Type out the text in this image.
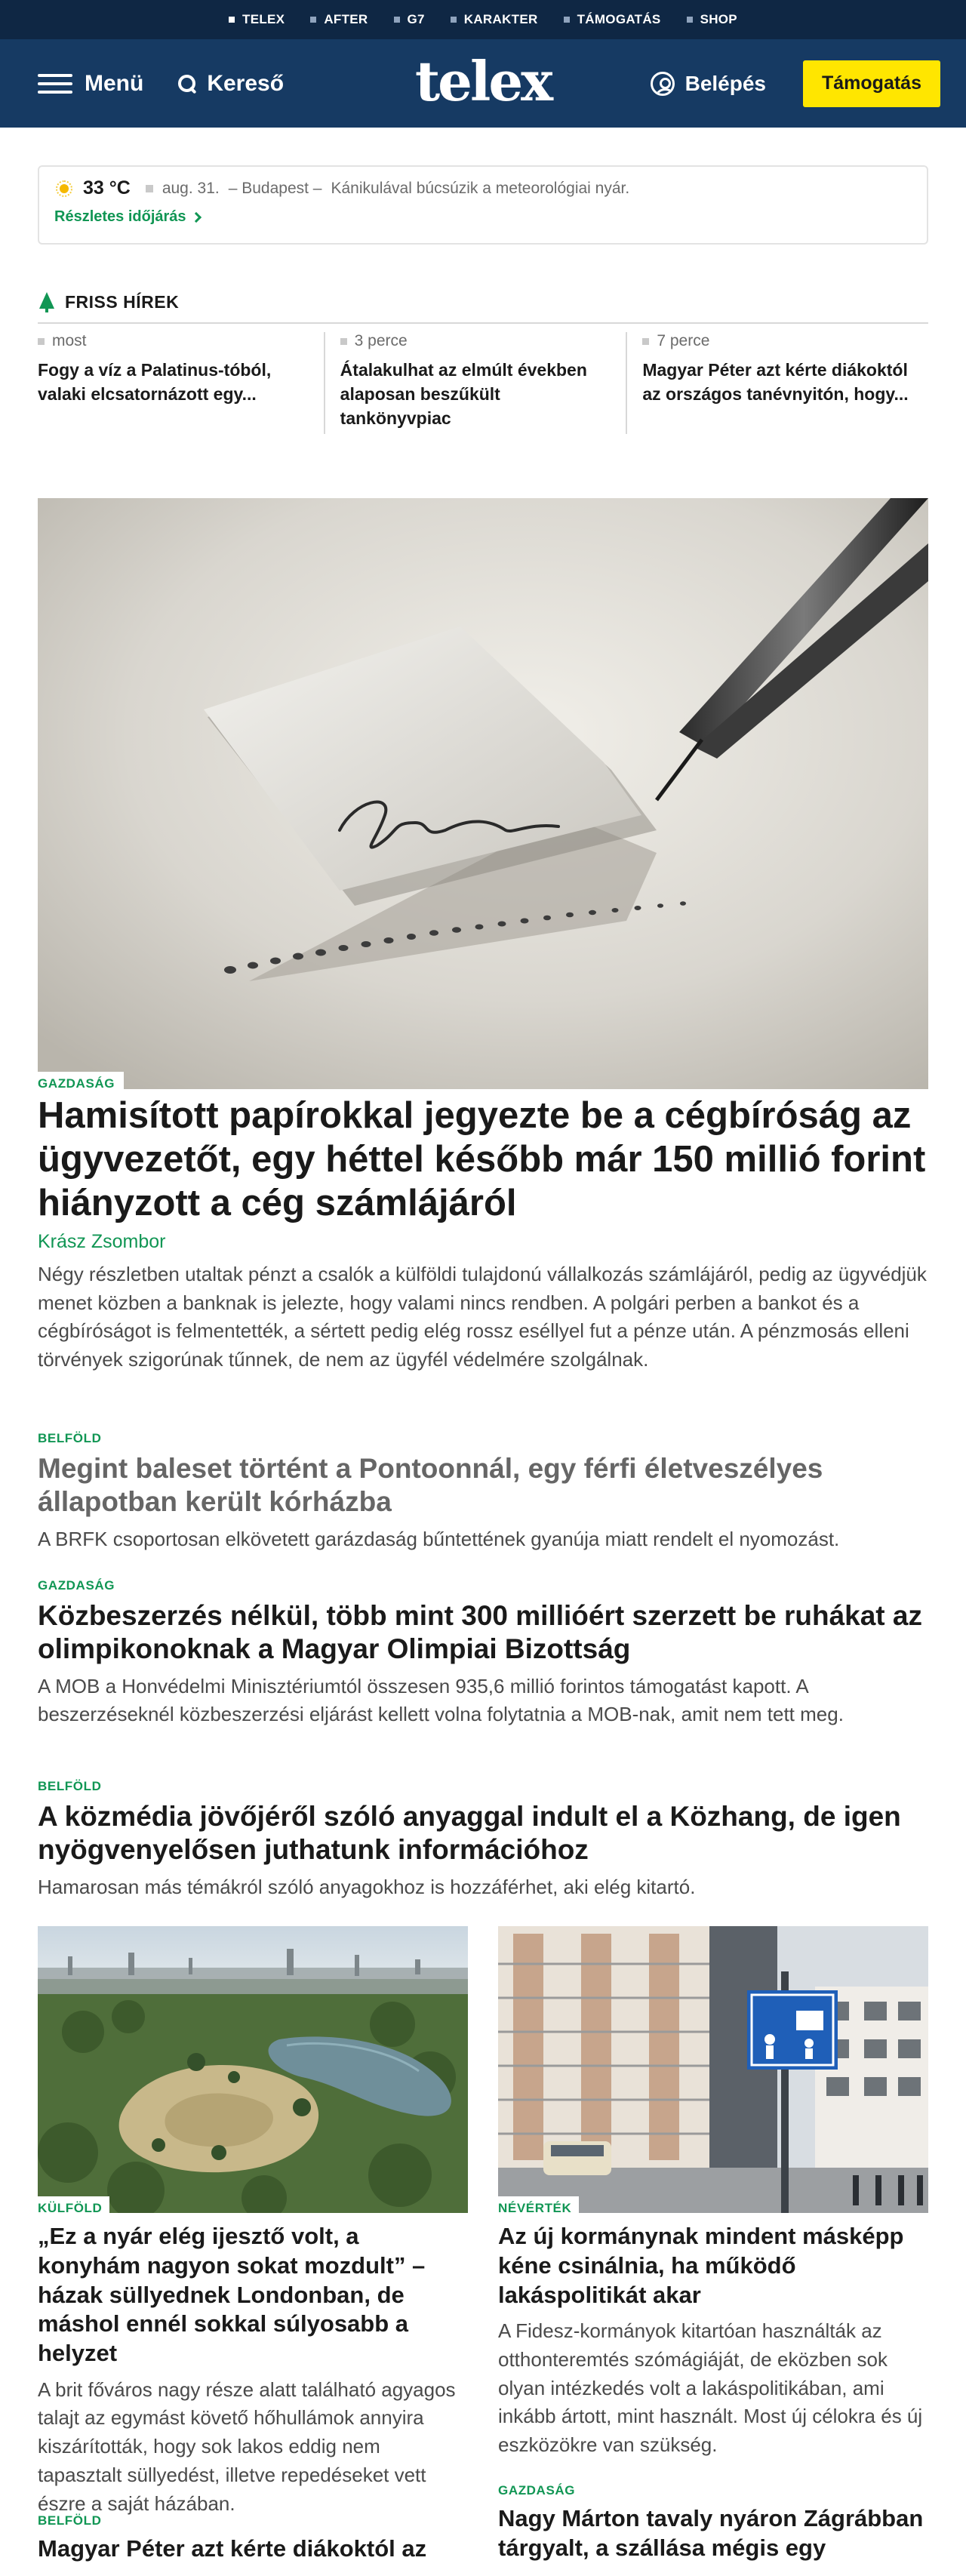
TELEX	AFTER	G7	KARAKTER	TÁMOGATÁS	SHOP
Menü	Kereső telex	Belépés	Támogatás
33 °C aug. 31. – Budapest – Kánikulával búcsúzik a meteorológiai nyár.
Részletes időjárás
FRISS HÍREK
most
Fogy a víz a Palatinus-tóból, valaki elcsatornázott egy...
3 perce
Átalakulhat az elmúlt években alaposan beszűkült tankönyvpiac
7 perce
Magyar Péter azt kérte diákoktól az országos tanévnyitón, hogy...
GAZDASÁG
Hamisított papírokkal jegyezte be a cégbíróság az ügyvezetőt, egy héttel később már 150 millió forint hiányzott a cég számlájáról
Krász Zsombor
Négy részletben utaltak pénzt a csalók a külföldi tulajdonú vállalkozás számlájáról, pedig az ügyvédjük menet közben a banknak is jelezte, hogy valami nincs rendben. A polgári perben a bankot és a cégbíróságot is felmentették, a sértett pedig elég rossz eséllyel fut a pénze után. A pénzmosás elleni törvények szigorúnak tűnnek, de nem az ügyfél védelmére szolgálnak.
BELFÖLD
Megint baleset történt a Pontoonnál, egy férfi életveszélyes állapotban került kórházba
A BRFK csoportosan elkövetett garázdaság bűntettének gyanúja miatt rendelt el nyomozást.
GAZDASÁG
Közbeszerzés nélkül, több mint 300 millióért szerzett be ruhákat az olimpikonoknak a Magyar Olimpiai Bizottság
A MOB a Honvédelmi Minisztériumtól összesen 935,6 millió forintos támogatást kapott. A beszerzéseknél közbeszerzési eljárást kellett volna folytatnia a MOB-nak, amit nem tett meg.
BELFÖLD
A közmédia jövőjéről szóló anyaggal indult el a Közhang, de igen nyögvenyelősen juthatunk információhoz
Hamarosan más témákról szóló anyagokhoz is hozzáférhet, aki elég kitartó.
KÜLFÖLD
„Ez a nyár elég ijesztő volt, a konyhám nagyon sokat mozdult” – házak süllyednek Londonban, de máshol ennél sokkal súlyosabb a helyzet
A brit főváros nagy része alatt található agyagos talajt az egymást követő hőhullámok annyira kiszárították, hogy sok lakos eddig nem tapasztalt süllyedést, illetve repedéseket vett észre a saját házában.
NÉVÉRTÉK
Az új kormánynak mindent másképp kéne csinálnia, ha működő lakáspolitikát akar
A Fidesz-kormányok kitartóan használták az otthonteremtés szómágiáját, de eközben sok olyan intézkedés volt a lakáspolitikában, ami inkább ártott, mint használt. Most új célokra és új eszközökre van szükség.
BELFÖLD
Magyar Péter azt kérte diákoktól az
GAZDASÁG
Nagy Márton tavaly nyáron Zágrábban tárgyalt, a szállása mégis egy
